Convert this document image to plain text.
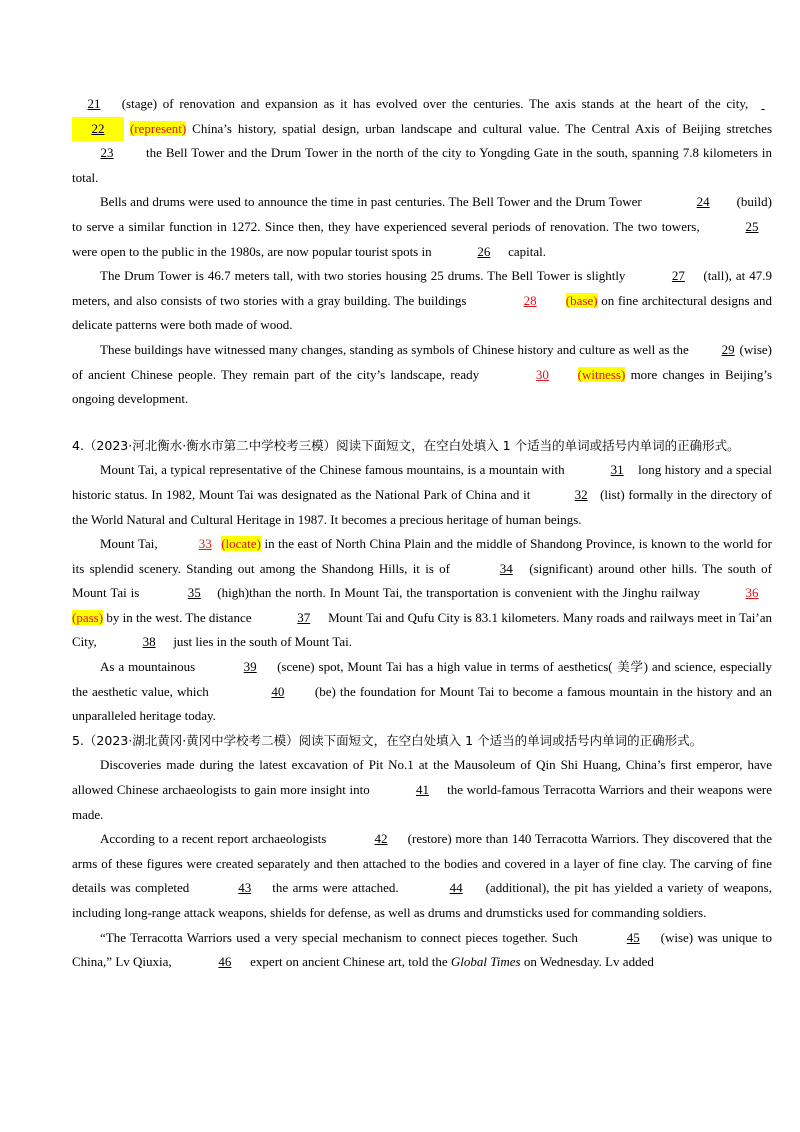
21 (stage) of renovation and expansion as it has evolved over the centuries. The axis stands at the heart of the city,   22 (represent) China’s history, spatial design, urban landscape and cultural value. The Central Axis of Beijing stretches 23 the Bell Tower and the Drum Tower in the north of the city to Yongding Gate in the south, spanning 7.8 kilometers in total.

Bells and drums were used to announce the time in past centuries. The Bell Tower and the Drum Tower	24 (build) to serve a similar function in 1272. Since then, they have experienced several periods of renovation. The two towers,	25 were open to the public in the 1980s, are now popular tourist spots in	26 capital.

The Drum Tower is 46.7 meters tall, with two stories housing 25 drums. The Bell Tower is slightly	27 (tall), at 47.9 meters, and also consists of two stories with a gray building. The buildings	28 (base) on fine architectural designs and delicate patterns were both made of wood.

These buildings have witnessed many changes, standing as symbols of Chinese history and culture as well as the 29 (wise) of ancient Chinese people. They remain part of the city’s landscape, ready	30 (witness) more changes in Beijing’s ongoing development.

4.（2023·河北衡水·衡水市第二中学校考三模）阅读下面短文，在空白处填入 1 个适当的单词或括号内单词的正确形式。

Mount Tai, a typical representative of the Chinese famous mountains, is a mountain with	31 long history and a special historic status. In 1982, Mount Tai was designated as the National Park of China and it	32 (list) formally in the directory of the World Natural and Cultural Heritage in 1987. It becomes a precious heritage of human beings.

Mount Tai,	33 (locate) in the east of North China Plain and the middle of Shandong Province, is known to the world for its splendid scenery. Standing out among the Shandong Hills, it is of	34 (significant) around other hills. The south of Mount Tai is	35 (high)than the north. In Mount Tai, the transportation is convenient with the Jinghu railway	36 (pass) by in the west. The distance	37 Mount Tai and Qufu City is 83.1 kilometers. Many roads and railways meet in Tai’an City,	38 just lies in the south of Mount Tai.

As a mountainous	39 (scene) spot, Mount Tai has a high value in terms of aesthetics( 美学) and science, especially the aesthetic value, which	40 (be) the foundation for Mount Tai to become a famous mountain in the history and an unparalleled heritage today.

5.（2023·湖北黄冈·黄冈中学校考二模）阅读下面短文，在空白处填入 1 个适当的单词或括号内单词的正确形式。

Discoveries made during the latest excavation of Pit No.1 at the Mausoleum of Qin Shi Huang, China’s first emperor, have allowed Chinese archaeologists to gain more insight into	41 the world-famous Terracotta Warriors and their weapons were made.

According to a recent report archaeologists	42 (restore) more than 140 Terracotta Warriors. They discovered that the arms of these figures were created separately and then attached to the bodies and covered in a layer of fine clay. The carving of fine details was completed	43 the arms were attached.	44 (additional), the pit has yielded a variety of weapons, including long-range attack weapons, shields for defense, as well as drums and drumsticks used for commanding soldiers.

“The Terracotta Warriors used a very special mechanism to connect pieces together. Such	45 (wise) was unique to China,” Lv Qiuxia,	46 expert on ancient Chinese art, told the Global Times on Wednesday. Lv added
